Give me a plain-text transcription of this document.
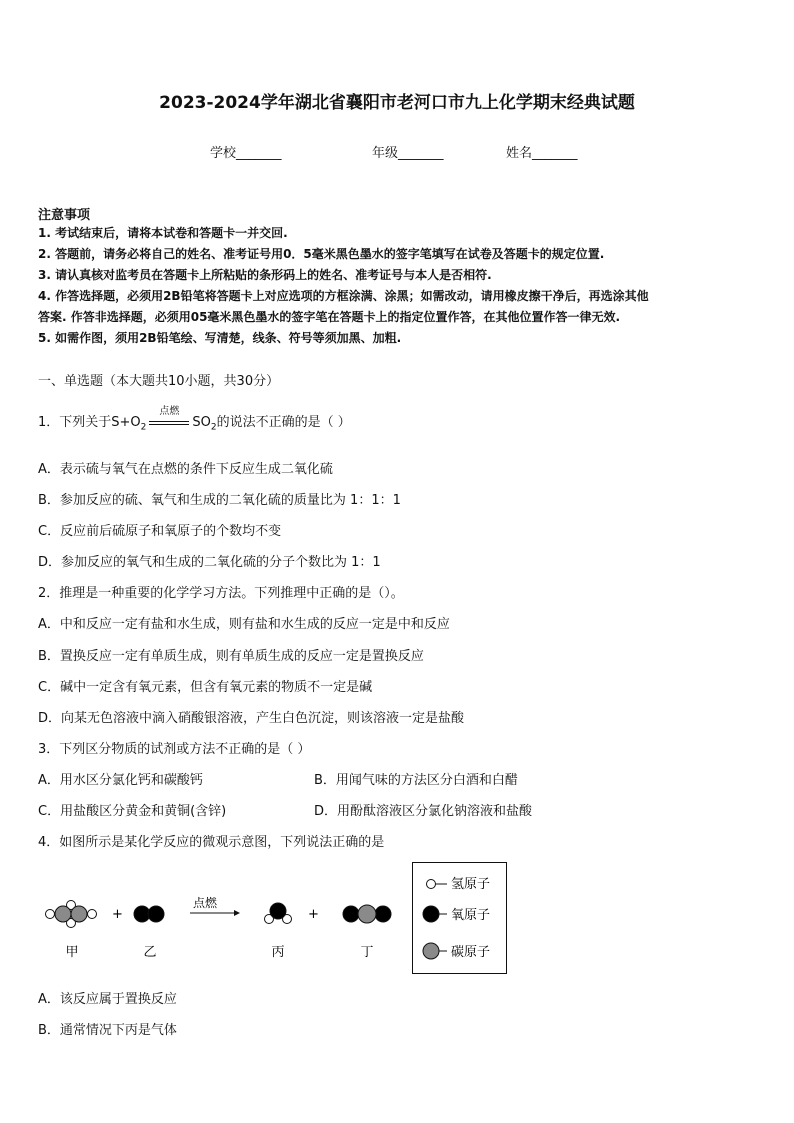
2023-2024学年湖北省襄阳市老河口市九上化学期末经典试题
学校_______	年级_______	姓名_______
注意事项
1. 考试结束后，请将本试卷和答题卡一并交回.
2. 答题前，请务必将自己的姓名、准考证号用0．5毫米黑色墨水的签字笔填写在试卷及答题卡的规定位置.
3. 请认真核对监考员在答题卡上所粘贴的条形码上的姓名、准考证号与本人是否相符.
4. 作答选择题，必须用2B铅笔将答题卡上对应选项的方框涂满、涂黑；如需改动，请用橡皮擦干净后，再选涂其他
答案. 作答非选择题，必须用05毫米黑色墨水的签字笔在答题卡上的指定位置作答，在其他位置作答一律无效.
5. 如需作图，须用2B铅笔绘、写清楚，线条、符号等须加黑、加粗.
一、单选题（本大题共10小题，共30分）
1．下列关于$S+O_2$
点燃
$SO_2$的说法不正确的是（ ）
A．表示硫与氧气在点燃的条件下反应生成二氧化硫
B．参加反应的硫、氧气和生成的二氧化硫的质量比为 1：1：1
C．反应前后硫原子和氧原子的个数均不变
D．参加反应的氧气和生成的二氧化硫的分子个数比为 1：1
2．推理是一种重要的化学学习方法。下列推理中正确的是（）。
A．中和反应一定有盐和水生成，则有盐和水生成的反应一定是中和反应
B．置换反应一定有单质生成，则有单质生成的反应一定是置换反应
C．碱中一定含有氧元素，但含有氧元素的物质不一定是碱
D．向某无色溶液中滴入硝酸银溶液，产生白色沉淀，则该溶液一定是盐酸
3．下列区分物质的试剂或方法不正确的是（ ）
A．用水区分氯化钙和碳酸钙	B．用闻气味的方法区分白酒和白醋
C．用盐酸区分黄金和黄铜(含锌)	D．用酚酞溶液区分氯化钠溶液和盐酸
4．如图所示是某化学反应的微观示意图，下列说法正确的是
+
点燃
+
甲	乙	丙	丁
氢原子
氧原子
碳原子
A．该反应属于置换反应
B．通常情况下丙是气体
